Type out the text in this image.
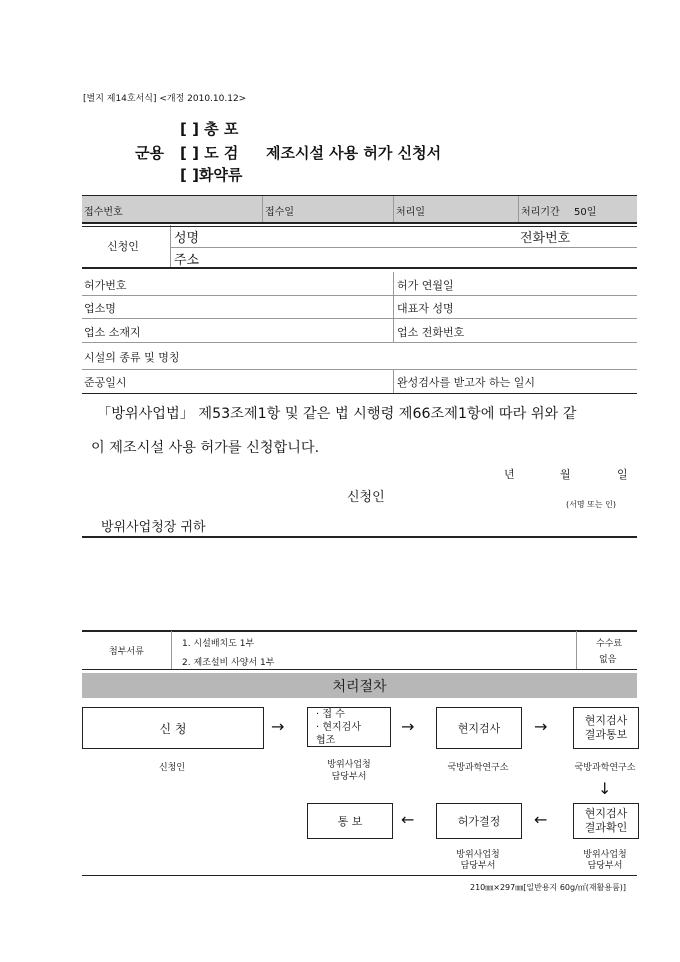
[별지 제14호서식] <개정 2010.10.12>
[ ] 총 포
군용 [ ] 도 검 제조시설 사용 허가 신청서
[ ]화약류
접수번호	접수일	처리일	처리기간 50일
신청인
성명	전화번호
주소
허가번호	허가 연월일
업소명	대표자 성명
업소 소재지	업소 전화번호
시설의 종류 및 명칭
준공일시	완성검사를 받고자 하는 일시
「방위사업법」 제53조제1항 및 같은 법 시행령 제66조제1항에 따라 위와 같
이 제조시설 사용 허가를 신청합니다.
년	월	일
신청인	(서명 또는 인)
방위사업청장 귀하
첨부서류
1. 시설배치도 1부
2. 제조설비 사양서 1부
수수료
없음
처리절차
신 청	→
· 접 수
· 현지검사
협조
→	현지검사	→	현지검사
결과통보
신청인	방위사업청
담당부서
국방과학연구소	국방과학연구소
↓
통 보	←	허가결정	←	현지검사
결과확인
방위사업청
담당부서
방위사업청
담당부서
210㎜×297㎜[일반용지 60g/㎡(재활용품)]
